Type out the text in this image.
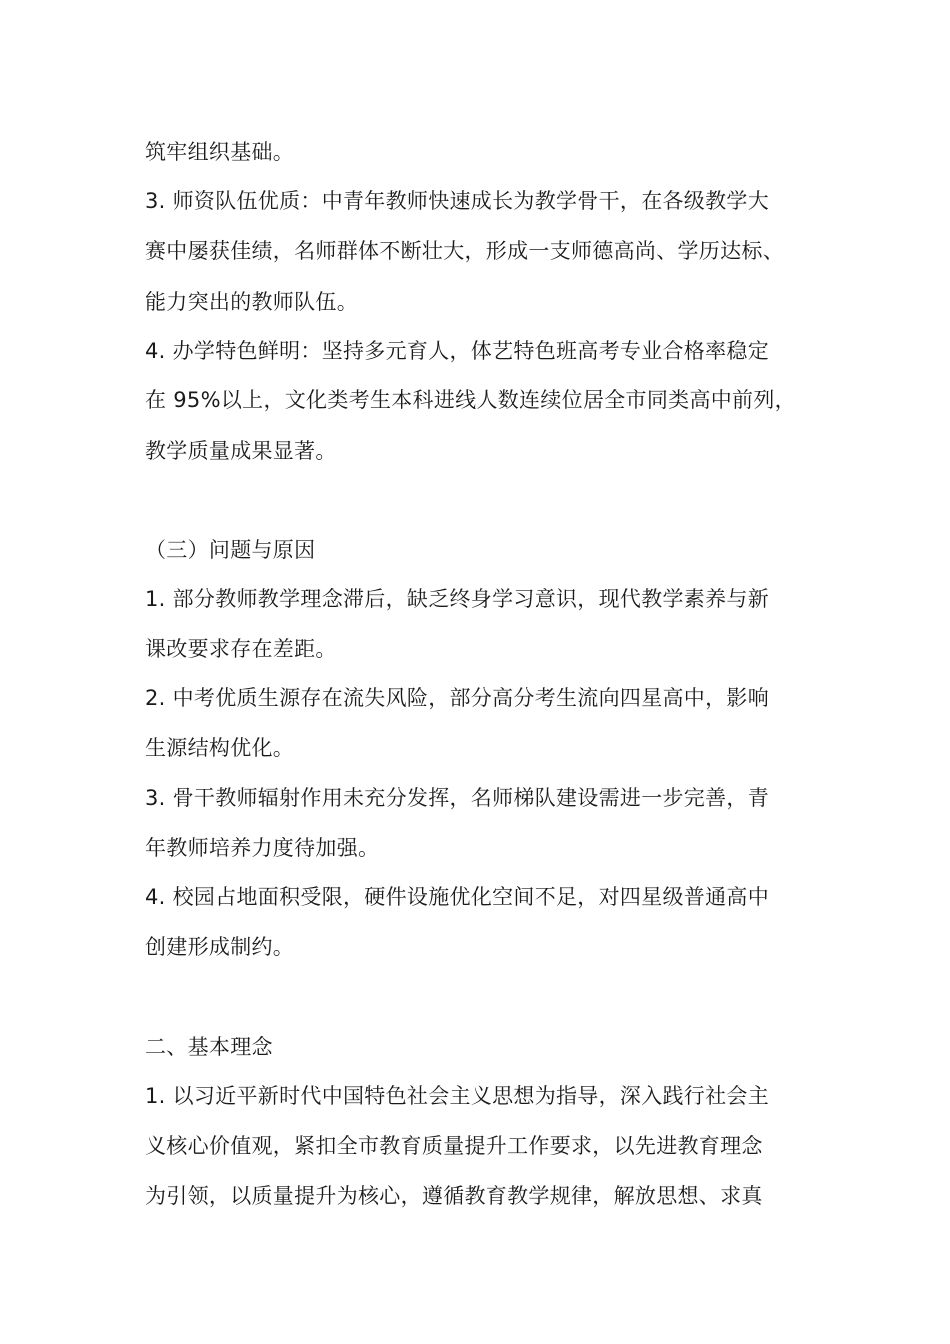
筑牢组织基础。
3. 师资队伍优质：中青年教师快速成长为教学骨干，在各级教学大
赛中屡获佳绩，名师群体不断壮大，形成一支师德高尚、学历达标、
能力突出的教师队伍。
4. 办学特色鲜明：坚持多元育人，体艺特色班高考专业合格率稳定
在 95%以上，文化类考生本科进线人数连续位居全市同类高中前列，
教学质量成果显著。
（三）问题与原因
1. 部分教师教学理念滞后，缺乏终身学习意识，现代教学素养与新
课改要求存在差距。
2. 中考优质生源存在流失风险，部分高分考生流向四星高中，影响
生源结构优化。
3. 骨干教师辐射作用未充分发挥，名师梯队建设需进一步完善，青
年教师培养力度待加强。
4. 校园占地面积受限，硬件设施优化空间不足，对四星级普通高中
创建形成制约。
二、基本理念
1. 以习近平新时代中国特色社会主义思想为指导，深入践行社会主
义核心价值观，紧扣全市教育质量提升工作要求，以先进教育理念
为引领，以质量提升为核心，遵循教育教学规律，解放思想、求真
